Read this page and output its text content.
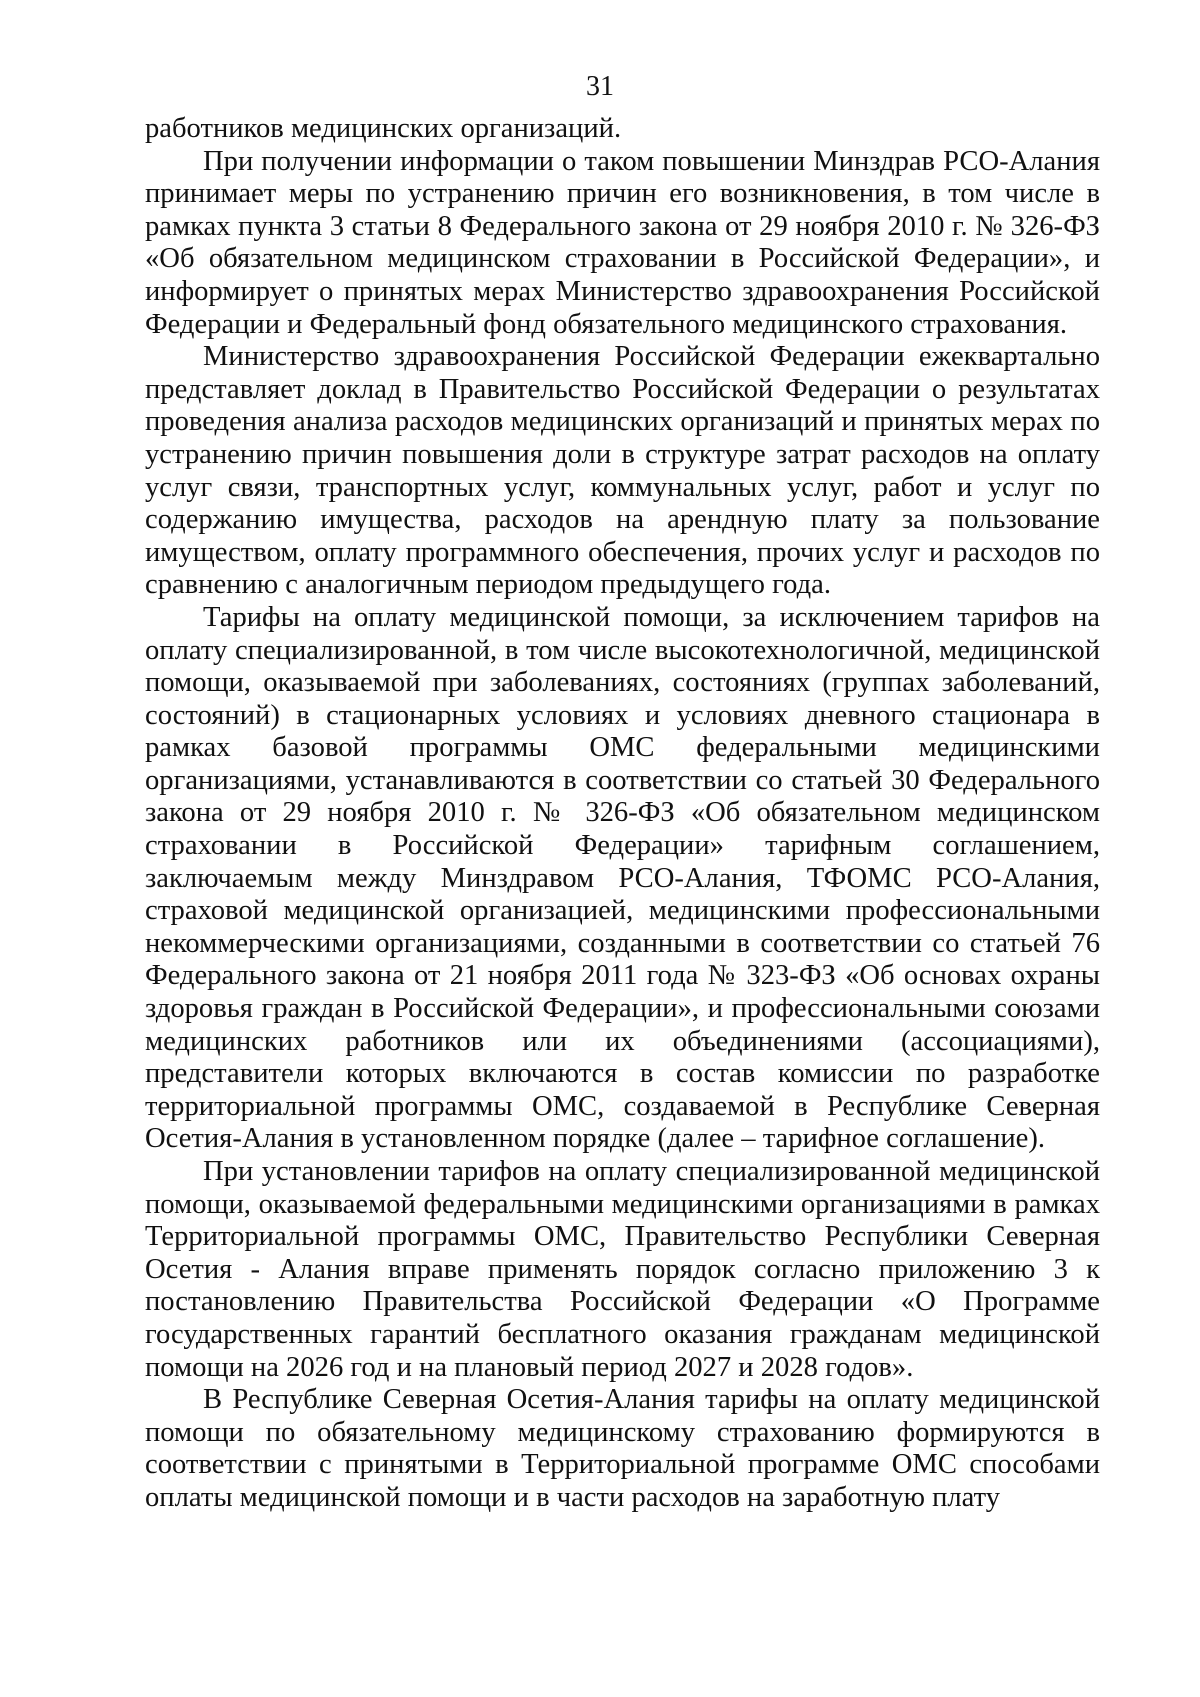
31

работников медицинских организаций.

При получении информации о таком повышении Минздрав РСО-Алания принимает меры по устранению причин его возникновения, в том числе в рамках пункта 3 статьи 8 Федерального закона от 29 ноября 2010 г. № 326-ФЗ «Об обязательном медицинском страховании в Российской Федерации», и информирует о принятых мерах Министерство здравоохранения Российской Федерации и Федеральный фонд обязательного медицинского страхования.

Министерство здравоохранения Российской Федерации ежеквартально представляет доклад в Правительство Российской Федерации о результатах проведения анализа расходов медицинских организаций и принятых мерах по устранению причин повышения доли в структуре затрат расходов на оплату услуг связи, транспортных услуг, коммунальных услуг, работ и услуг по содержанию имущества, расходов на арендную плату за пользование имуществом, оплату программного обеспечения, прочих услуг и расходов по сравнению с аналогичным периодом предыдущего года.

Тарифы на оплату медицинской помощи, за исключением тарифов на оплату специализированной, в том числе высокотехнологичной, медицинской помощи, оказываемой при заболеваниях, состояниях (группах заболеваний, состояний) в стационарных условиях и условиях дневного стационара в рамках базовой программы ОМС федеральными медицинскими организациями, устанавливаются в соответствии со статьей 30 Федерального закона от 29 ноября 2010 г. № 326-ФЗ «Об обязательном медицинском страховании в Российской Федерации» тарифным соглашением, заключаемым между Минздравом РСО-Алания, ТФОМС РСО-Алания, страховой медицинской организацией, медицинскими профессиональными некоммерческими организациями, созданными в соответствии со статьей 76 Федерального закона от 21 ноября 2011 года № 323-ФЗ «Об основах охраны здоровья граждан в Российской Федерации», и профессиональными союзами медицинских работников или их объединениями (ассоциациями), представители которых включаются в состав комиссии по разработке территориальной программы ОМС, создаваемой в Республике Северная Осетия-Алания в установленном порядке (далее – тарифное соглашение).

При установлении тарифов на оплату специализированной медицинской помощи, оказываемой федеральными медицинскими организациями в рамках Территориальной программы ОМС, Правительство Республики Северная Осетия - Алания вправе применять порядок согласно приложению 3 к постановлению Правительства Российской Федерации «О Программе государственных гарантий бесплатного оказания гражданам медицинской помощи на 2026 год и на плановый период 2027 и 2028 годов».

В Республике Северная Осетия-Алания тарифы на оплату медицинской помощи по обязательному медицинскому страхованию формируются в соответствии с принятыми в Территориальной программе ОМС способами оплаты медицинской помощи и в части расходов на заработную плату
